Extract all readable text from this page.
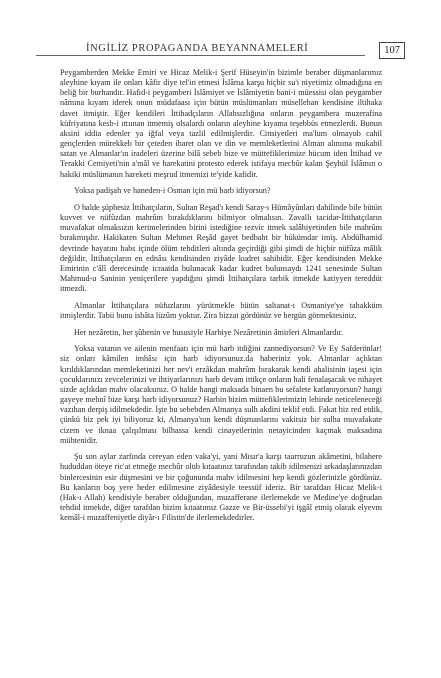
İNGİLİZ PROPAGANDA BEYANNAMELERİ	107

Peygamberden Mekke Emiri ve Hicaz Melik-i Şerif Hüseyin'in bizimle beraber düşmanlarımız aleyhine kıyam ile onları kâfir diye tel'in etmesi İslâma karşu hiçbir su'i niyetimiz olmadığına en beliğ bir burhandır. Hafid-i peygamberi İslâmiyet ve İslâmiyetin bani-i müessisi olan peygamber nâmına kıyam iderek onun müdafaası için bütün müslümanları müsellehan kendisine iltihaka davet itmiştir. Eğer kendileri İttihadçıların Allahsızlığına onların peygambera muzerafina küfriyatına kesb-i ıttıınan itmemiş olsalardı onların aleyhine kıyama teşebbüs etmezlerdi. Bunun aksini iddia edenler ya iğfal veya tazlil edilmişlerdir. Cinsiyetleri ma'lum olmayub cahil gençlerden mürekkeb bir çeteden ibaret olan ve din ve memleketlerini Alman alınıına mukabil satan ve Almanlar'ın iradeleri üzerine bilâ sebeb bize ve müttefiklerimize hücum iden İttihad ve Terakki Cemiyeti'nin a'mâl ve harekatini protesto ederek istifaya mecbûr kalan Şeyhül İslâmın o hakiki müslümanın hareketi meşrud itmemizi te'yide kafidir.

Yoksa padişah ve haneden-i Osman için mü harb idiyorsun?

O halde şüphesiz İttihatçıların, Sultan Reşad'ı kendi Saray-ı Hümâyûnları dahilinde bile bütün kuvvet ve nüfûzdan mahrûm bırakdıklarını bilmiyor olmalısın. Zavallı tacidar-İttihatçıların muvafakat olmaksızın kerimelerinden birini istediğine tezvic itmek salâhiyetinden bile mahrûm bırakmışdır. Hakikaten Sultan Mehmet Reşâd gayet bedbaht bir hükümdar imiş. Abdülhamid devrinde hayatını habs içinde ölüm tehditleri altında geçirdiği gibi şimdi de hiçbir nüfûza mâlik değildir, İttihatçıların en ednâsı kendisinden ziyâde kudret sahibidir. Eğer kendisinden Mekke Emirinin c'âlî derecesinde icraatda bulunacak kadar kudret bulunsaydı 1241 senesinde Sultan Mahmud-u Saninin yeniçerilere yapdığını şimdi İttihatçılara tarbik itmekde katiyyen tereddüt itmezdi.

Almanlar İttihatçılara nüfuzlarını yürütmekle bütün saltanat-ı Osmaniye'ye tahakküm itmişlerdir. Tabii bunu isbâta lüzûm yoktur. Zira bizzat gördünüz ve hergün görmektesiniz.

Her nezâretin, her şûbenin ve hususiyle Harbiye Nezâretinin âmirleri Almanlardır.

Yoksa vatanın ve ailenin menfaatı için mü harb itdiğini zannediyorsun? Ve Ey Safderönlar! siz onları kâmilen imhâsı için harb idiyorsunuz.da haberiniz yok. Almanlar açlıktan kırıldıklarından memleketinizi her nev'i erzâkdan mahrûm bırakarak kendi ahalisinin iaşesi için çocuklarınızı zevcelerinizi ve ihtiyarlarınızı harb devam ittikçe onların hali fenalaşacak ve nihayet sizde açlıkdan mahv olacaksınız. O halde hangi maksada binaen bu sefalete katlanıyorsun? hangi gayeye mebnî bize karşı harb idiyorsunuz? Harbin bizim müttefiklerimizin lehinde neticeleneceği vazıhan derpiş idilmekdedir. İşte bu sebebden Almanya sulh akdini teklif etdi. Fakat biz red etdik, çünkü biz pek iyi biliyoruz ki, Almanya'nın kendi düşmanlarını vakitsiz bir sulha muvafakate cizem ve iknaa çalışılması bilhassa kendi cinayetlerinin netayicinden kaçmak maksadına mübtenidir.

Şu son aylar zarfında cereyan eden vaka'yi, yani Mısır'a karşı taarruzun akâmetini, bilahere hududdan öteye ric'at etmeğe mecbûr olub kıtaatınız tarafından takib idilmenizi arkadaşlarınızdan binlercesinin esir düşmesini ve bir çoğununda mahv idilmesini hep kendi gözlerinizle gördünüz. Bu kanların boş yere heder edilmesine ziyâdesiyle teessüf ideriz. Bir tarafdan Hicaz Melik-i (Hak-ı Allah) kendisiyle beraber olduğundan, muzafferane ilerlemekde ve Medine'ye doğrudan tehdid itmekde, diğer tarafdan bizim kıtaatımız Gazze ve Bir-üssebi'yi işgâl etmiş olarak elyevm kemâl-i muzaffeniyetle diyâr-ı Filistin'de ilerlemekdedirler.
